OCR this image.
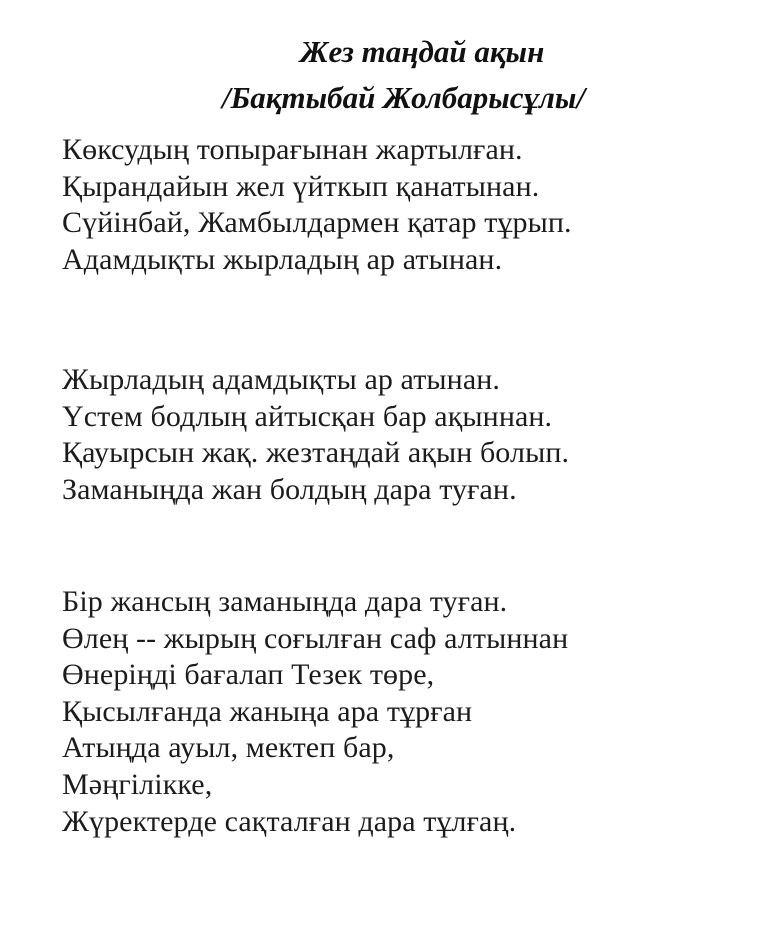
Жез таңдай ақын
/Бақтыбай Жолбарысұлы/
Көксудың топырағынан жартылған.
Қырандайын жел үйткып қанатынан.
Сүйінбай, Жамбылдармен қатар тұрып.
Адамдықты жырладың ар атынан.
Жырладың адамдықты ар атынан.
Үстем бодлың айтысқан бар ақыннан.
Қауырсын жақ. жезтаңдай ақын болып.
Заманыңда жан болдың дара туған.
Бір жансың заманыңда дара туған.
Өлең -- жырың соғылған саф алтыннан
Өнеріңді бағалап Тезек төре,
Қысылғанда жаныңа ара тұрған
Атыңда ауыл, мектеп бар,
Мәңгілікке,
Жүректерде сақталған дара тұлғаң.
